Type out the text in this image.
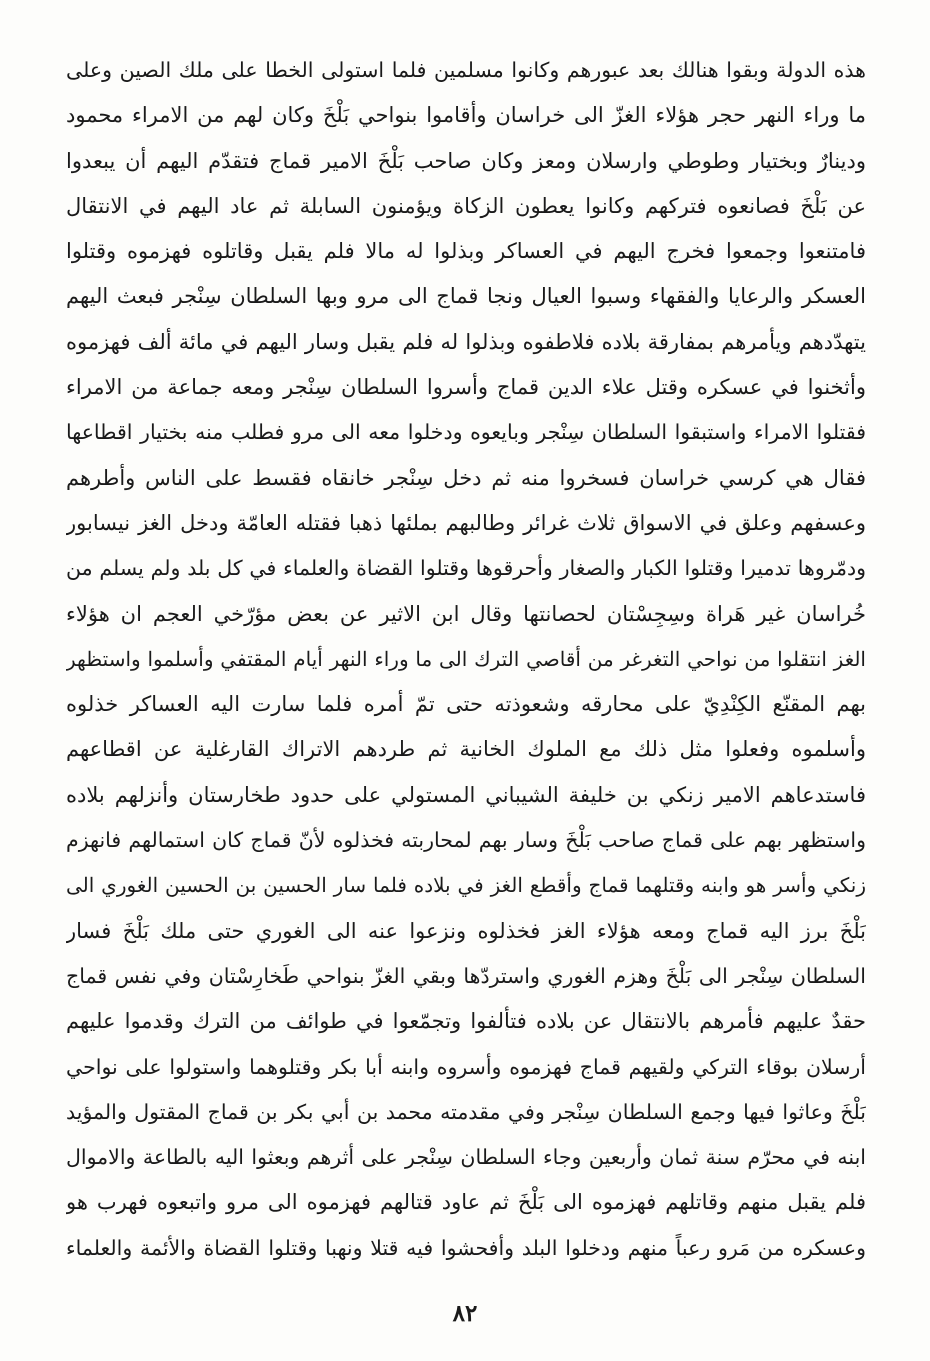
هذه الدولة وبقوا هنالك بعد عبورهم وكانوا مسلمين فلما استولى الخطا على ملك الصين وعلى
ما وراء النهر حجر هؤلاء الغزّ الى خراسان وأقاموا بنواحي بَلْخَ وكان لهم من الامراء محمود
ودينارٌ وبختيار وطوطي وارسلان ومعز وكان صاحب بَلْخَ الامير قماج فتقدّم اليهم أن يبعدوا
عن بَلْخَ فصانعوه فتركهم وكانوا يعطون الزكاة ويؤمنون السابلة ثم عاد اليهم في الانتقال
فامتنعوا وجمعوا فخرج اليهم في العساكر وبذلوا له مالا فلم يقبل وقاتلوه فهزموه وقتلوا
العسكر والرعايا والفقهاء وسبوا العيال ونجا قماج الى مرو وبها السلطان سِنْجر فبعث اليهم
يتهدّدهم ويأمرهم بمفارقة بلاده فلاطفوه وبذلوا له فلم يقبل وسار اليهم في مائة ألف فهزموه
وأثخنوا في عسكره وقتل علاء الدين قماج وأسروا السلطان سِنْجر ومعه جماعة من الامراء
فقتلوا الامراء واستبقوا السلطان سِنْجر وبايعوه ودخلوا معه الى مرو فطلب منه بختيار اقطاعها
فقال هي كرسي خراسان فسخروا منه ثم دخل سِنْجر خانقاه فقسط على الناس وأطرهم
وعسفهم وعلق في الاسواق ثلاث غرائر وطالبهم بملئها ذهبا فقتله العامّة ودخل الغز نيسابور
ودمّروها تدميرا وقتلوا الكبار والصغار وأحرقوها وقتلوا القضاة والعلماء في كل بلد ولم يسلم من
خُراسان غير هَراة وسِجِسْتان لحصانتها وقال ابن الاثير عن بعض مؤرّخي العجم ان هؤلاء
الغز انتقلوا من نواحي التغرغر من أقاصي الترك الى ما وراء النهر أيام المقتفي وأسلموا واستظهر
بهم المقنّع الكِنْدِيّ على محارقه وشعوذته حتى تمّ أمره فلما سارت اليه العساكر خذلوه
وأسلموه وفعلوا مثل ذلك مع الملوك الخانية ثم طردهم الاتراك القارغلية عن اقطاعهم
فاستدعاهم الامير زنكي بن خليفة الشيباني المستولي على حدود طخارستان وأنزلهم بلاده
واستظهر بهم على قماج صاحب بَلْخَ وسار بهم لمحاربته فخذلوه لأنّ قماج كان استمالهم فانهزم
زنكي وأسر هو وابنه وقتلهما قماج وأقطع الغز في بلاده فلما سار الحسين بن الحسين الغوري الى
بَلْخَ برز اليه قماج ومعه هؤلاء الغز فخذلوه ونزعوا عنه الى الغوري حتى ملك بَلْخَ فسار
السلطان سِنْجر الى بَلْخَ وهزم الغوري واستردّها وبقي الغزّ بنواحي طَخارِسْتان وفي نفس قماج
حقدٌ عليهم فأمرهم بالانتقال عن بلاده فتألفوا وتجمّعوا في طوائف من الترك وقدموا عليهم
أرسلان بوقاء التركي ولقيهم قماج فهزموه وأسروه وابنه أبا بكر وقتلوهما واستولوا على نواحي
بَلْخَ وعاثوا فيها وجمع السلطان سِنْجر وفي مقدمته محمد بن أبي بكر بن قماج المقتول والمؤيد
ابنه في محرّم سنة ثمان وأربعين وجاء السلطان سِنْجر على أثرهم وبعثوا اليه بالطاعة والاموال
فلم يقبل منهم وقاتلهم فهزموه الى بَلْخَ ثم عاود قتالهم فهزموه الى مرو واتبعوه فهرب هو
وعسكره من مَرو رعباً منهم ودخلوا البلد وأفحشوا فيه قتلا ونهبا وقتلوا القضاة والأئمة والعلماء
٨٢
